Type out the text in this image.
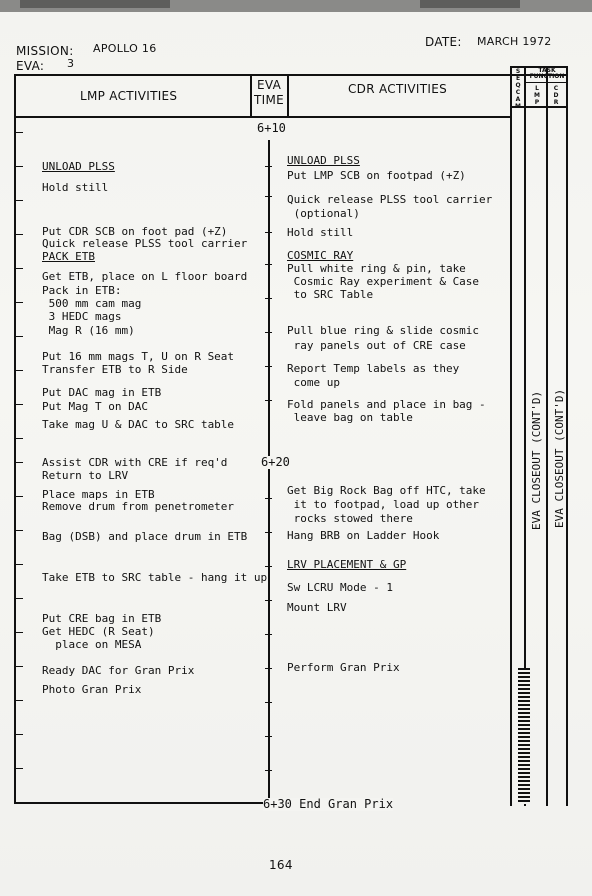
MISSION: APOLLO 16
EVA: 3
DATE: MARCH 1972
LMP ACTIVITIES
EVA
TIME
CDR ACTIVITIES
S E Q C A M
TASK FUNCTION
L M P
C D R
6+10
6+20
6+30 End Gran Prix
UNLOAD PLSS
Hold still
Put CDR SCB on foot pad (+Z)
Quick release PLSS tool carrier
PACK ETB
Get ETB, place on L floor board
Pack in ETB:
500 mm cam mag
3 HEDC mags
Mag R (16 mm)
Put 16 mm mags T, U on R Seat
Transfer ETB to R Side
Put DAC mag in ETB
Put Mag T on DAC
Take mag U & DAC to SRC table
Assist CDR with CRE if req'd
Return to LRV
Place maps in ETB
Remove drum from penetrometer
Bag (DSB) and place drum in ETB
Take ETB to SRC table - hang it up
Put CRE bag in ETB
Get HEDC (R Seat)
place on MESA
Ready DAC for Gran Prix
Photo Gran Prix
UNLOAD PLSS
Put LMP SCB on footpad (+Z)
Quick release PLSS tool carrier
(optional)
Hold still
COSMIC RAY
Pull white ring & pin, take
Cosmic Ray experiment & Case
to SRC Table
Pull blue ring & slide cosmic
ray panels out of CRE case
Report Temp labels as they
come up
Fold panels and place in bag -
leave bag on table
Get Big Rock Bag off HTC, take
it to footpad, load up other
rocks stowed there
Hang BRB on Ladder Hook
LRV PLACEMENT & GP
Sw LCRU Mode - 1
Mount LRV
Perform Gran Prix
EVA CLOSEOUT (CONT'D) EVA CLOSEOUT (CONT'D)
164
